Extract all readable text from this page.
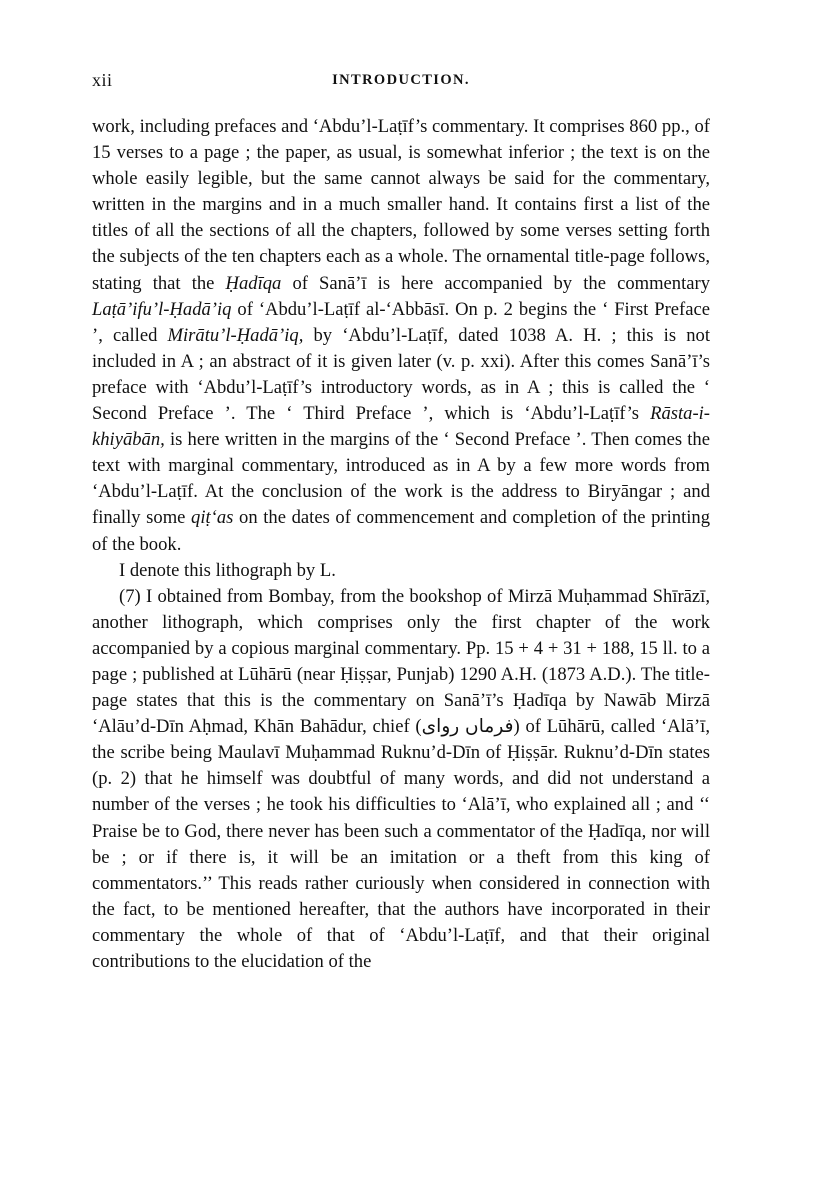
xii	INTRODUCTION.

work, including prefaces and ‘Abdu’l-Laṭīf’s commentary. It comprises 860 pp., of 15 verses to a page ; the paper, as usual, is somewhat inferior ; the text is on the whole easily legible, but the same cannot always be said for the commentary, written in the margins and in a much smaller hand. It contains first a list of the titles of all the sections of all the chapters, followed by some verses setting forth the subjects of the ten chapters each as a whole. The ornamental title-page follows, stating that the Ḥadīqa of Sanā’ī is here accompanied by the commentary Laṭā’ifu’l-Ḥadā’iq of ‘Abdu’l-Laṭīf al-‘Abbāsī. On p. 2 begins the ‘ First Preface ’, called Mirātu’l-Ḥadā’iq, by ‘Abdu’l-Laṭīf, dated 1038 A. H. ; this is not included in A ; an abstract of it is given later (v. p. xxi). After this comes Sanā’ī’s preface with ‘Abdu’l-Laṭīf’s introductory words, as in A ; this is called the ‘ Second Preface ’. The ‘ Third Preface ’, which is ‘Abdu’l-Laṭīf’s Rāsta-i-khiyābān, is here written in the margins of the ‘ Second Preface ’. Then comes the text with marginal commentary, introduced as in A by a few more words from ‘Abdu’l-Laṭīf. At the conclusion of the work is the address to Biryāngar ; and finally some qiṭ‘as on the dates of commencement and completion of the printing of the book.

I denote this lithograph by L.

(7) I obtained from Bombay, from the bookshop of Mirzā Muḥammad Shīrāzī, another lithograph, which comprises only the first chapter of the work accompanied by a copious marginal commentary. Pp. 15 + 4 + 31 + 188, 15 ll. to a page ; published at Lūhārū (near Ḥiṣṣar, Punjab) 1290 A.H. (1873 A.D.). The title-page states that this is the commentary on Sanā’ī’s Ḥadīqa by Nawāb Mirzā ‘Alāu’d-Dīn Aḥmad, Khān Bahādur, chief (فرماں روای) of Lūhārū, called ‘Alā’ī, the scribe being Maulavī Muḥammad Ruknu’d-Dīn of Ḥiṣṣār. Ruknu’d-Dīn states (p. 2) that he himself was doubtful of many words, and did not understand a number of the verses ; he took his difficulties to ‘Alā’ī, who explained all ; and ‘‘ Praise be to God, there never has been such a commentator of the Ḥadīqa, nor will be ; or if there is, it will be an imitation or a theft from this king of commentators.’’ This reads rather curiously when considered in connection with the fact, to be mentioned hereafter, that the authors have incorporated in their commentary the whole of that of ‘Abdu’l-Laṭīf, and that their original contributions to the elucidation of the
